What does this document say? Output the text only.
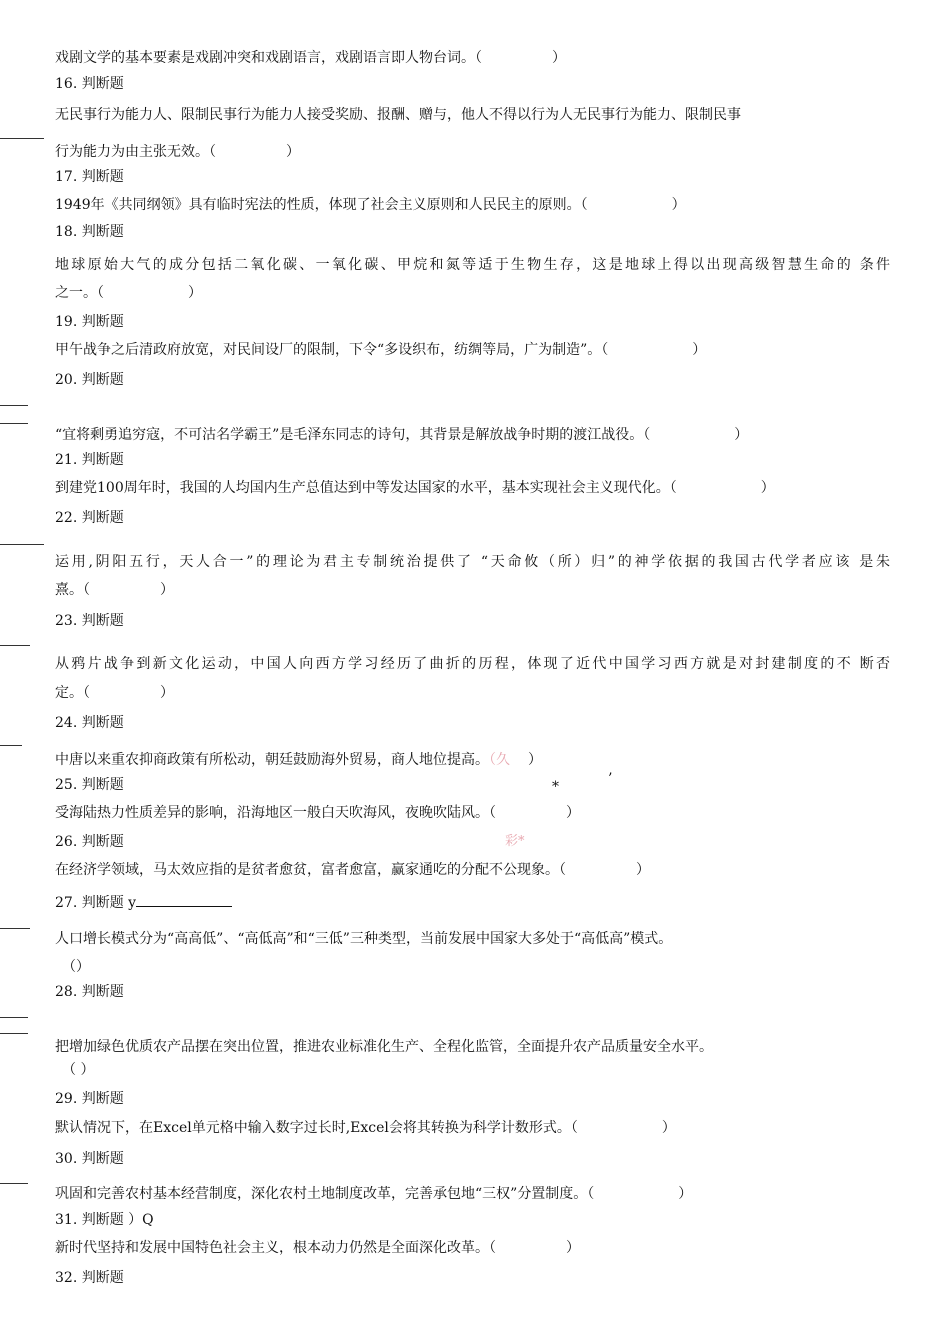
戏剧文学的基本要素是戏剧冲突和戏剧语言，戏剧语言即人物台词。（　　　　　）
16. 判断题
无民事行为能力人、限制民事行为能力人接受奖励、报酬、赠与，他人不得以行为人无民事行为能力、限制民事
行为能力为由主张无效。（　　　　　）
17. 判断题
1949年《共同纲领》具有临时宪法的性质，体现了社会主义原则和人民民主的原则。（　　　　　　）
18. 判断题
地球原始大气的成分包括二氧化碳、一氧化碳、甲烷和氮等适于生物生存，这是地球上得以出现高级智慧生命的 条件
之一。（　　　　　　）
19. 判断题
甲午战争之后清政府放宽，对民间设厂的限制，下令“多设织布，纺绸等局，广为制造”。（　　　　　　）
20. 判断题
“宜将剩勇追穷寇，不可沽名学霸王”是毛泽东同志的诗句，其背景是解放战争时期的渡江战役。（　　　　　　）
21. 判断题
到建党100周年时，我国的人均国内生产总值达到中等发达国家的水平，基本实现社会主义现代化。（　　　　　　）
22. 判断题
运用,阴阳五行，天人合一”的理论为君主专制统治提供了 “天命攸（所）归”的神学依据的我国古代学者应该 是朱
熹。（　　　　　）
23. 判断题
从鸦片战争到新文化运动，中国人向西方学习经历了曲折的历程，体现了近代中国学习西方就是对封建制度的不 断否
定。（　　　　　）
24. 判断题
中唐以来重农抑商政策有所松动，朝廷鼓励海外贸易，商人地位提高。（久 ）
25. 判断题	*	’
受海陆热力性质差异的影响，沿海地区一般白天吹海风，夜晚吹陆风。（　　　　　）
26. 判断题	彩*
在经济学领域，马太效应指的是贫者愈贫，富者愈富，赢家通吃的分配不公现象。（　　　　　）
27. 判断题 y
人口增长模式分为“高高低”、“高低高”和“三低”三种类型，当前发展中国家大多处于“高低高”模式。
（）
28. 判断题
把增加绿色优质农产品摆在突出位置，推进农业标准化生产、全程化监管，全面提升农产品质量安全水平。
（ ）
29. 判断题
默认情况下，在Excel单元格中输入数字过长时,Excel会将其转换为科学计数形式。（　　　　　　）
30. 判断题
巩固和完善农村基本经营制度，深化农村土地制度改革，完善承包地“三权”分置制度。（　　　　　　）
31. 判断题 ）Q
新时代坚持和发展中国特色社会主义，根本动力仍然是全面深化改革。（　　　　　）
32. 判断题
